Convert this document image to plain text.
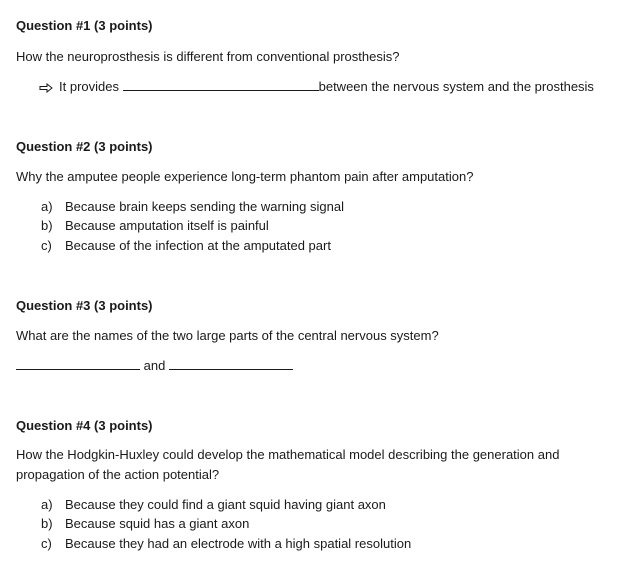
Question #1 (3 points)
How the neuroprosthesis is different from conventional prosthesis?
It provides	between the nervous system and the prosthesis
Question #2 (3 points)
Why the amputee people experience long-term phantom pain after amputation?
a) Because brain keeps sending the warning signal
b) Because amputation itself is painful
c) Because of the infection at the amputated part
Question #3 (3 points)
What are the names of the two large parts of the central nervous system?
and
Question #4 (3 points)
How the Hodgkin-Huxley could develop the mathematical model describing the generation and
propagation of the action potential?
a) Because they could find a giant squid having giant axon
b) Because squid has a giant axon
c) Because they had an electrode with a high spatial resolution
